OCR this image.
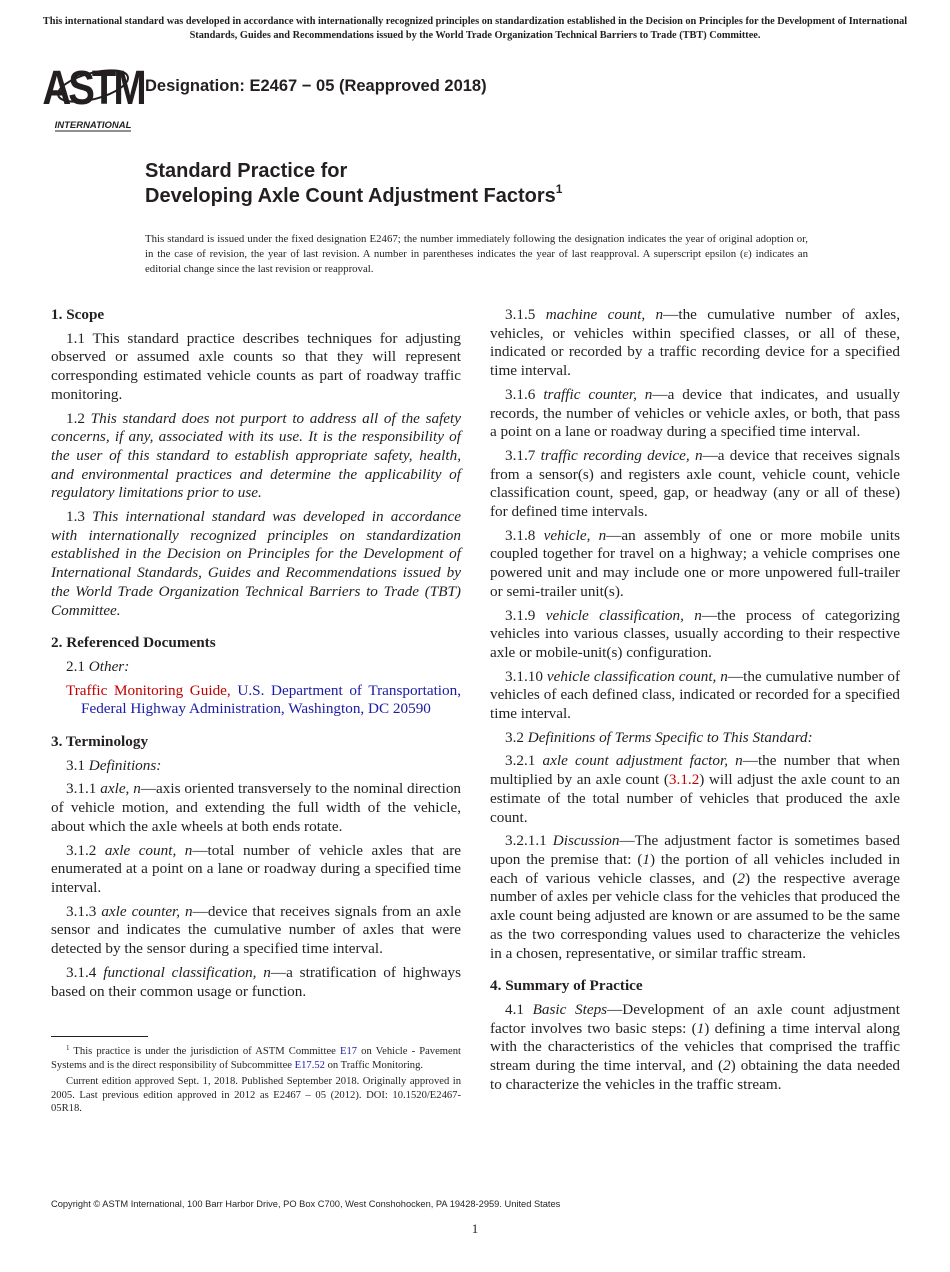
This international standard was developed in accordance with internationally recognized principles on standardization established in the Decision on Principles for the Development of International Standards, Guides and Recommendations issued by the World Trade Organization Technical Barriers to Trade (TBT) Committee.
ASTM
INTERNATIONAL
Designation: E2467 − 05 (Reapproved 2018)
Standard Practice for
Developing Axle Count Adjustment Factors$^1$
This standard is issued under the fixed designation E2467; the number immediately following the designation indicates the year of original adoption or, in the case of revision, the year of last revision. A number in parentheses indicates the year of last reapproval. A superscript epsilon (ε) indicates an editorial change since the last revision or reapproval.
1. Scope

1.1 This standard practice describes techniques for adjusting observed or assumed axle counts so that they will represent corresponding estimated vehicle counts as part of roadway traffic monitoring.

1.2 This standard does not purport to address all of the safety concerns, if any, associated with its use. It is the responsibility of the user of this standard to establish appropriate safety, health, and environmental practices and determine the applicability of regulatory limitations prior to use.

1.3 This international standard was developed in accordance with internationally recognized principles on standardization established in the Decision on Principles for the Development of International Standards, Guides and Recommendations issued by the World Trade Organization Technical Barriers to Trade (TBT) Committee.

2. Referenced Documents

2.1 Other:

Traffic Monitoring Guide, U.S. Department of Transportation, Federal Highway Administration, Washington, DC 20590

3. Terminology

3.1 Definitions:

3.1.1 axle, n—axis oriented transversely to the nominal direction of vehicle motion, and extending the full width of the vehicle, about which the axle wheels at both ends rotate.

3.1.2 axle count, n—total number of vehicle axles that are enumerated at a point on a lane or roadway during a specified time interval.

3.1.3 axle counter, n—device that receives signals from an axle sensor and indicates the cumulative number of axles that were detected by the sensor during a specified time interval.

3.1.4 functional classification, n—a stratification of highways based on their common usage or function.

3.1.5 machine count, n—the cumulative number of axles, vehicles, or vehicles within specified classes, or all of these, indicated or recorded by a traffic recording device for a specified time interval.

3.1.6 traffic counter, n—a device that indicates, and usually records, the number of vehicles or vehicle axles, or both, that pass a point on a lane or roadway during a specified time interval.

3.1.7 traffic recording device, n—a device that receives signals from a sensor(s) and registers axle count, vehicle count, vehicle classification count, speed, gap, or headway (any or all of these) for defined time intervals.

3.1.8 vehicle, n—an assembly of one or more mobile units coupled together for travel on a highway; a vehicle comprises one powered unit and may include one or more unpowered full-trailer or semi-trailer unit(s).

3.1.9 vehicle classification, n—the process of categorizing vehicles into various classes, usually according to their respective axle or mobile-unit(s) configuration.

3.1.10 vehicle classification count, n—the cumulative number of vehicles of each defined class, indicated or recorded for a specified time interval.

3.2 Definitions of Terms Specific to This Standard:

3.2.1 axle count adjustment factor, n—the number that when multiplied by an axle count (3.1.2) will adjust the axle count to an estimate of the total number of vehicles that produced the axle count.

3.2.1.1 Discussion—The adjustment factor is sometimes based upon the premise that: (1) the portion of all vehicles included in each of various vehicle classes, and (2) the respective average number of axles per vehicle class for the vehicles that produced the axle count being adjusted are known or are assumed to be the same as the two corresponding values used to characterize the vehicles in a chosen, representative, or similar traffic stream.

4. Summary of Practice

4.1 Basic Steps—Development of an axle count adjustment factor involves two basic steps: (1) defining a time interval along with the characteristics of the vehicles that comprised the traffic stream during the time interval, and (2) obtaining the data needed to characterize the vehicles in the traffic stream.

$^1$ This practice is under the jurisdiction of ASTM Committee E17 on Vehicle - Pavement Systems and is the direct responsibility of Subcommittee E17.52 on Traffic Monitoring.

Current edition approved Sept. 1, 2018. Published September 2018. Originally approved in 2005. Last previous edition approved in 2012 as E2467 – 05 (2012). DOI: 10.1520/E2467-05R18.

Copyright © ASTM International, 100 Barr Harbor Drive, PO Box C700, West Conshohocken, PA 19428-2959. United States
1
